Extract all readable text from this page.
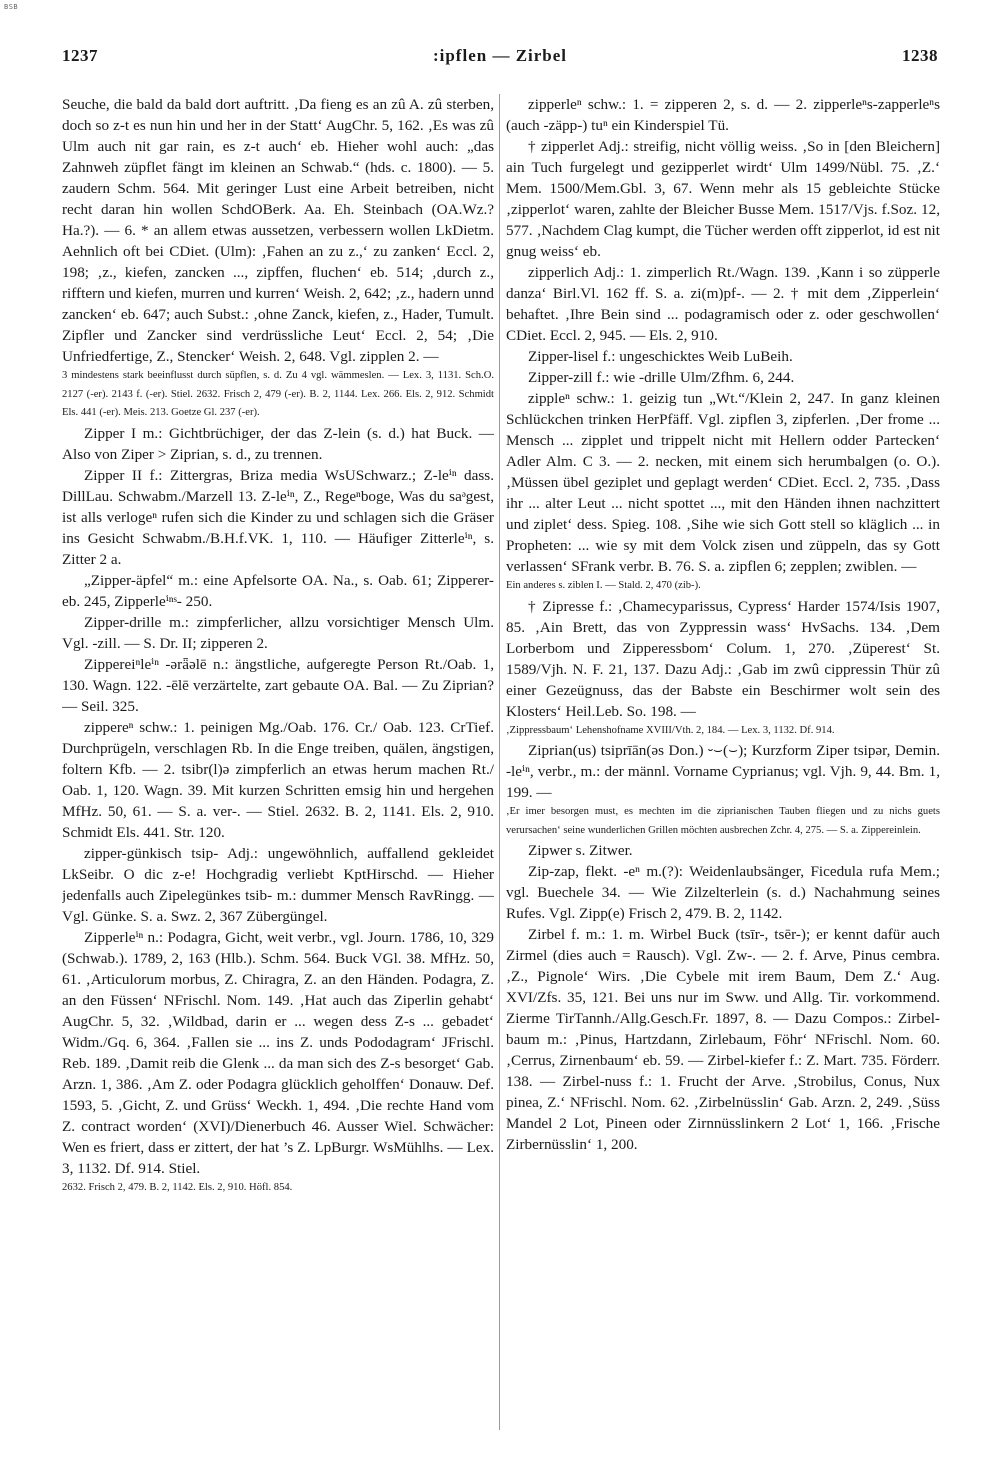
BSB
1237	:ipflen — Zirbel	1238

Seuche, die bald da bald dort auftritt. ‚Da fieng es an zû A. zû sterben, doch so z-t es nun hin und her in der Statt‘ AugChr. 5, 162. ‚Es was zû Ulm auch nit gar rain, es z-t auch‘ eb. Hieher wohl auch: „das Zahnweh züpflet fängt im kleinen an Schwab.“ (hds. c. 1800). — 5. zaudern Schm. 564. Mit geringer Lust eine Arbeit betreiben, nicht recht daran hin wollen SchdOBerk. Aa. Eh. Steinbach (OA.Wz.? Ha.?). — 6. * an allem etwas aussetzen, verbessern wollen LkDietm. Aehnlich oft bei CDiet. (Ulm): ‚Fahen an zu z.,‘ zu zanken‘ Eccl. 2, 198; ‚z., kiefen, zancken ..., zipffen, fluchen‘ eb. 514; ‚durch z., rifftern und kiefen, murren und kurren‘ Weish. 2, 642; ‚z., hadern unnd zancken‘ eb. 647; auch Subst.: ‚ohne Zanck, kiefen, z., Hader, Tumult. Zipfler und Zancker sind verdrüssliche Leut‘ Eccl. 2, 54; ‚Die Unfriedfertige, Z., Stencker‘ Weish. 2, 648. Vgl. zipplen 2. —

3 mindestens stark beeinflusst durch süpflen, s. d. Zu 4 vgl. wämmeslen. — Lex. 3, 1131. Sch.O. 2127 (-er). 2143 f. (-er). Stiel. 2632. Frisch 2, 479 (-er). B. 2, 1144. Lex. 266. Els. 2, 912. Schmidt Els. 441 (-er). Meis. 213. Goetze Gl. 237 (-er).

Zipper I m.: Gichtbrüchiger, der das Z-lein (s. d.) hat Buck. — Also von Ziper > Ziprian, s. d., zu trennen.

Zipper II f.: Zittergras, Briza media WsUSchwarz.; Z-leⁱⁿ dass. DillLau. Schwabm./Marzell 13. Z-leⁱⁿ, Z., Regeⁿboge, Was du saᵊgest, ist alls verlogeⁿ rufen sich die Kinder zu und schlagen sich die Gräser ins Gesicht Schwabm./B.H.f.VK. 1, 110. — Häufiger Zitterleⁱⁿ, s. Zitter 2 a.

„Zipper-äpfel“ m.: eine Apfelsorte OA. Na., s. Oab. 61; Zipperer- eb. 245, Zipperleⁱⁿˢ- 250.

Zipper-drille m.: zimpferlicher, allzu vorsichtiger Mensch Ulm. Vgl. -zill. — S. Dr. II; zipperen 2.

Zippereiⁿleⁱⁿ -ərǟəlē n.: ängstliche, aufgeregte Person Rt./Oab. 1, 130. Wagn. 122. -ēlē verzärtelte, zart gebaute OA. Bal. — Zu Ziprian? — Seil. 325.

zippereⁿ schw.: 1. peinigen Mg./Oab. 176. Cr./ Oab. 123. CrTief. Durchprügeln, verschlagen Rb. In die Enge treiben, quälen, ängstigen, foltern Kfb. — 2. tsibr(l)ə zimpferlich an etwas herum machen Rt./ Oab. 1, 120. Wagn. 39. Mit kurzen Schritten emsig hin und hergehen MfHz. 50, 61. — S. a. ver-. — Stiel. 2632. B. 2, 1141. Els. 2, 910. Schmidt Els. 441. Str. 120.

zipper-günkisch tsip- Adj.: ungewöhnlich, auffallend gekleidet LkSeibr. O dic z-e! Hochgradig verliebt KptHirschd. — Hieher jedenfalls auch Zipelegünkes tsib- m.: dummer Mensch RavRingg. — Vgl. Günke. S. a. Swz. 2, 367 Zübergüngel.

Zipperleⁱⁿ n.: Podagra, Gicht, weit verbr., vgl. Journ. 1786, 10, 329 (Schwab.). 1789, 2, 163 (Hlb.). Schm. 564. Buck VGl. 38. MfHz. 50, 61. ‚Articulorum morbus, Z. Chiragra, Z. an den Händen. Podagra, Z. an den Füssen‘ NFrischl. Nom. 149. ‚Hat auch das Ziperlin gehabt‘ AugChr. 5, 32. ‚Wildbad, darin er ... wegen dess Z-s ... gebadet‘ Widm./Gq. 6, 364. ‚Fallen sie ... ins Z. unds Pododagram‘ JFrischl. Reb. 189. ‚Damit reib die Glenk ... da man sich des Z-s besorget‘ Gab. Arzn. 1, 386. ‚Am Z. oder Podagra glücklich geholffen‘ Donauw. Def. 1593, 5. ‚Gicht, Z. und Grüss‘ Weckh. 1, 494. ‚Die rechte Hand vom Z. contract worden‘ (XVI)/Dienerbuch 46. Ausser Wiel. Schwächer: Wen es friert, dass er zittert, der hat ’s Z. LpBurgr. WsMühlhs. — Lex. 3, 1132. Df. 914. Stiel.

2632. Frisch 2, 479. B. 2, 1142. Els. 2, 910. Höfl. 854.

zipperleⁿ schw.: 1. = zipperen 2, s. d. — 2. zipperleⁿs-zapperleⁿs (auch -zäpp-) tuⁿ ein Kinderspiel Tü.

† zipperlet Adj.: streifig, nicht völlig weiss. ‚So in [den Bleichern] ain Tuch furgelegt und gezipperlet wirdt‘ Ulm 1499/Nübl. 75. ‚Z.‘ Mem. 1500/Mem.Gbl. 3, 67. Wenn mehr als 15 gebleichte Stücke ‚zipperlot‘ waren, zahlte der Bleicher Busse Mem. 1517/Vjs. f.Soz. 12, 577. ‚Nachdem Clag kumpt, die Tücher werden offt zipperlot, id est nit gnug weiss‘ eb.

zipperlich Adj.: 1. zimperlich Rt./Wagn. 139. ‚Kann i so züpperle danza‘ Birl.Vl. 162 ff. S. a. zi(m)pf-. — 2. † mit dem ‚Zipperlein‘ behaftet. ‚Ihre Bein sind ... podagramisch oder z. oder geschwollen‘ CDiet. Eccl. 2, 945. — Els. 2, 910.

Zipper-lisel f.: ungeschicktes Weib LuBeih.

Zipper-zill f.: wie -drille Ulm/Zfhm. 6, 244.

zippleⁿ schw.: 1. geizig tun „Wt.“/Klein 2, 247. In ganz kleinen Schlückchen trinken HerPfäff. Vgl. zipflen 3, zipferlen. ‚Der frome ... Mensch ... zipplet und trippelt nicht mit Hellern odder Partecken‘ Adler Alm. C 3. — 2. necken, mit einem sich herumbalgen (o. O.). ‚Müssen übel geziplet und geplagt werden‘ CDiet. Eccl. 2, 735. ‚Dass ihr ... alter Leut ... nicht spottet ..., mit den Händen ihnen nachzittert und ziplet‘ dess. Spieg. 108. ‚Sihe wie sich Gott stell so kläglich ... in Propheten: ... wie sy mit dem Volck zisen und züppeln, das sy Gott verlassen‘ SFrank verbr. B. 76. S. a. zipflen 6; zepplen; zwiblen. —

Ein anderes s. ziblen I. — Stald. 2, 470 (zib-).

† Zipresse f.: ‚Chamecyparissus, Cypress‘ Harder 1574/Isis 1907, 85. ‚Ain Brett, das von Zyppressin wass‘ HvSachs. 134. ‚Dem Lorberbom und Zipperessbom‘ Colum. 1, 270. ‚Züperest‘ St. 1589/Vjh. N. F. 21, 137. Dazu Adj.: ‚Gab im zwû cippressin Thür zû einer Gezeügnuss, das der Babste ein Beschirmer wolt sein des Klosters‘ Heil.Leb. So. 198. —

‚Zippressbaum‘ Lehenshofname XVIII/Vth. 2, 184. — Lex. 3, 1132. Df. 914.

Ziprian(us) tsiprīān(əs Don.) ⏑⌣(⌣); Kurzform Ziper tsipər, Demin. -leⁱⁿ, verbr., m.: der männl. Vorname Cyprianus; vgl. Vjh. 9, 44. Bm. 1, 199. —

‚Er imer besorgen must, es mechten im die ziprianischen Tauben fliegen und zu nichs guets verursachen‘ seine wunderlichen Grillen möchten ausbrechen Zchr. 4, 275. — S. a. Zippereinlein.

Zipwer s. Zitwer.

Zip-zap, flekt. -eⁿ m.(?): Weidenlaubsänger, Ficedula rufa Mem.; vgl. Buechele 34. — Wie Zilzelterlein (s. d.) Nachahmung seines Rufes. Vgl. Zipp(e) Frisch 2, 479. B. 2, 1142.

Zirbel f. m.: 1. m. Wirbel Buck (tsīr-, tsēr-); er kennt dafür auch Zirmel (dies auch = Rausch). Vgl. Zw-. — 2. f. Arve, Pinus cembra. ‚Z., Pignole‘ Wirs. ‚Die Cybele mit irem Baum, Dem Z.‘ Aug. XVI/Zfs. 35, 121. Bei uns nur im Sww. und Allg. Tir. vorkommend. Zierme TirTannh./Allg.Gesch.Fr. 1897, 8. — Dazu Compos.: Zirbel-baum m.: ‚Pinus, Hartzdann, Zirlebaum, Föhr‘ NFrischl. Nom. 60. ‚Cerrus, Zirnenbaum‘ eb. 59. — Zirbel-kiefer f.: Z. Mart. 735. Förderr. 138. — Zirbel-nuss f.: 1. Frucht der Arve. ‚Strobilus, Conus, Nux pinea, Z.‘ NFrischl. Nom. 62. ‚Zirbelnüsslin‘ Gab. Arzn. 2, 249. ‚Süss Mandel 2 Lot, Pineen oder Zirnnüsslinkern 2 Lot‘ 1, 166. ‚Frische Zirbernüsslin‘ 1, 200.
